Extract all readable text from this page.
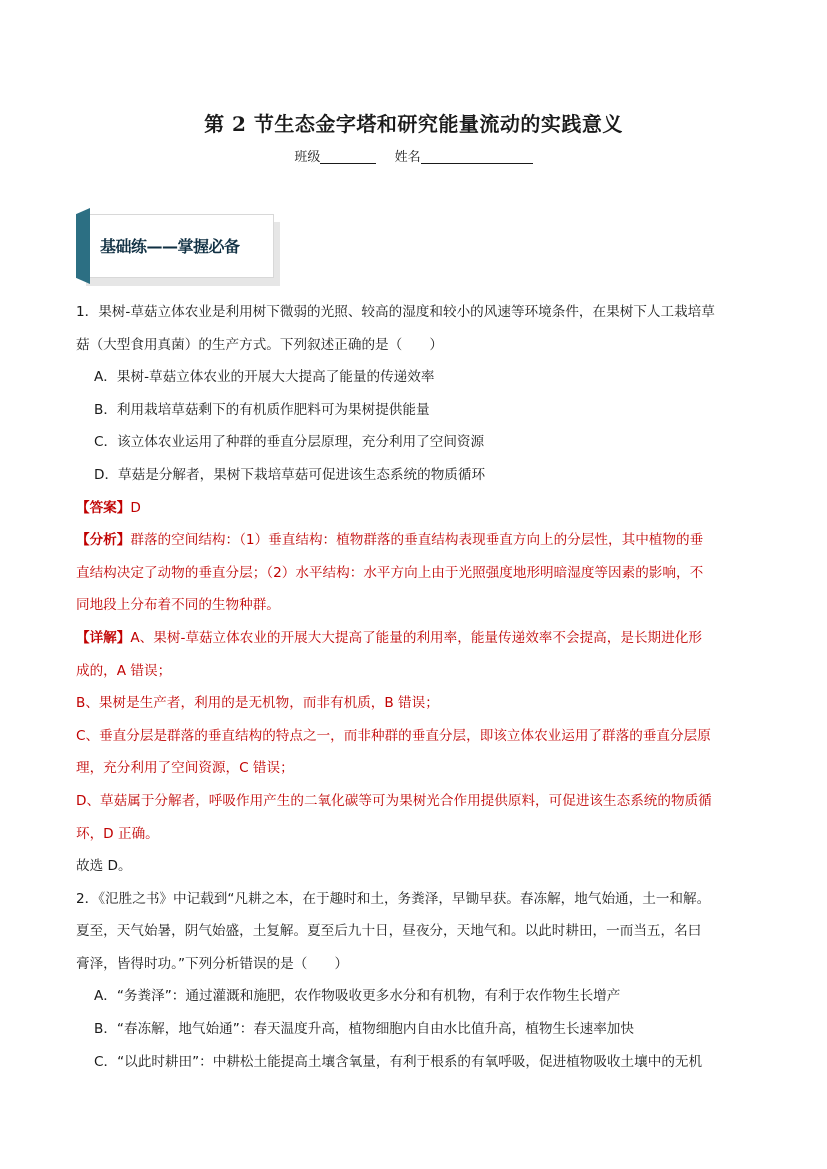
第 2 节生态金字塔和研究能量流动的实践意义
班级	姓名
基础练——掌握必备
1．果树-草菇立体农业是利用树下微弱的光照、较高的湿度和较小的风速等环境条件，在果树下人工栽培草
菇（大型食用真菌）的生产方式。下列叙述正确的是（　　）
A．果树-草菇立体农业的开展大大提高了能量的传递效率
B．利用栽培草菇剩下的有机质作肥料可为果树提供能量
C．该立体农业运用了种群的垂直分层原理，充分利用了空间资源
D．草菇是分解者，果树下栽培草菇可促进该生态系统的物质循环
【答案】D
【分析】群落的空间结构：（1）垂直结构：植物群落的垂直结构表现垂直方向上的分层性，其中植物的垂
直结构决定了动物的垂直分层；（2）水平结构：水平方向上由于光照强度地形明暗湿度等因素的影响，不
同地段上分布着不同的生物种群。
【详解】A、果树-草菇立体农业的开展大大提高了能量的利用率，能量传递效率不会提高，是长期进化形
成的，A 错误；
B、果树是生产者，利用的是无机物，而非有机质，B 错误；
C、垂直分层是群落的垂直结构的特点之一，而非种群的垂直分层，即该立体农业运用了群落的垂直分层原
理，充分利用了空间资源，C 错误；
D、草菇属于分解者，呼吸作用产生的二氧化碳等可为果树光合作用提供原料，可促进该生态系统的物质循
环，D 正确。
故选 D。
2．《氾胜之书》中记载到“凡耕之本，在于趣时和土，务粪泽，早锄早获。春冻解，地气始通，土一和解。
夏至，天气始暑，阴气始盛，土复解。夏至后九十日，昼夜分，天地气和。以此时耕田，一而当五，名曰
膏泽，皆得时功。”下列分析错误的是（　　）
A．“务粪泽”：通过灌溉和施肥，农作物吸收更多水分和有机物，有利于农作物生长增产
B．“春冻解，地气始通”：春天温度升高，植物细胞内自由水比值升高，植物生长速率加快
C．“以此时耕田”：中耕松土能提高土壤含氧量，有利于根系的有氧呼吸，促进植物吸收土壤中的无机
